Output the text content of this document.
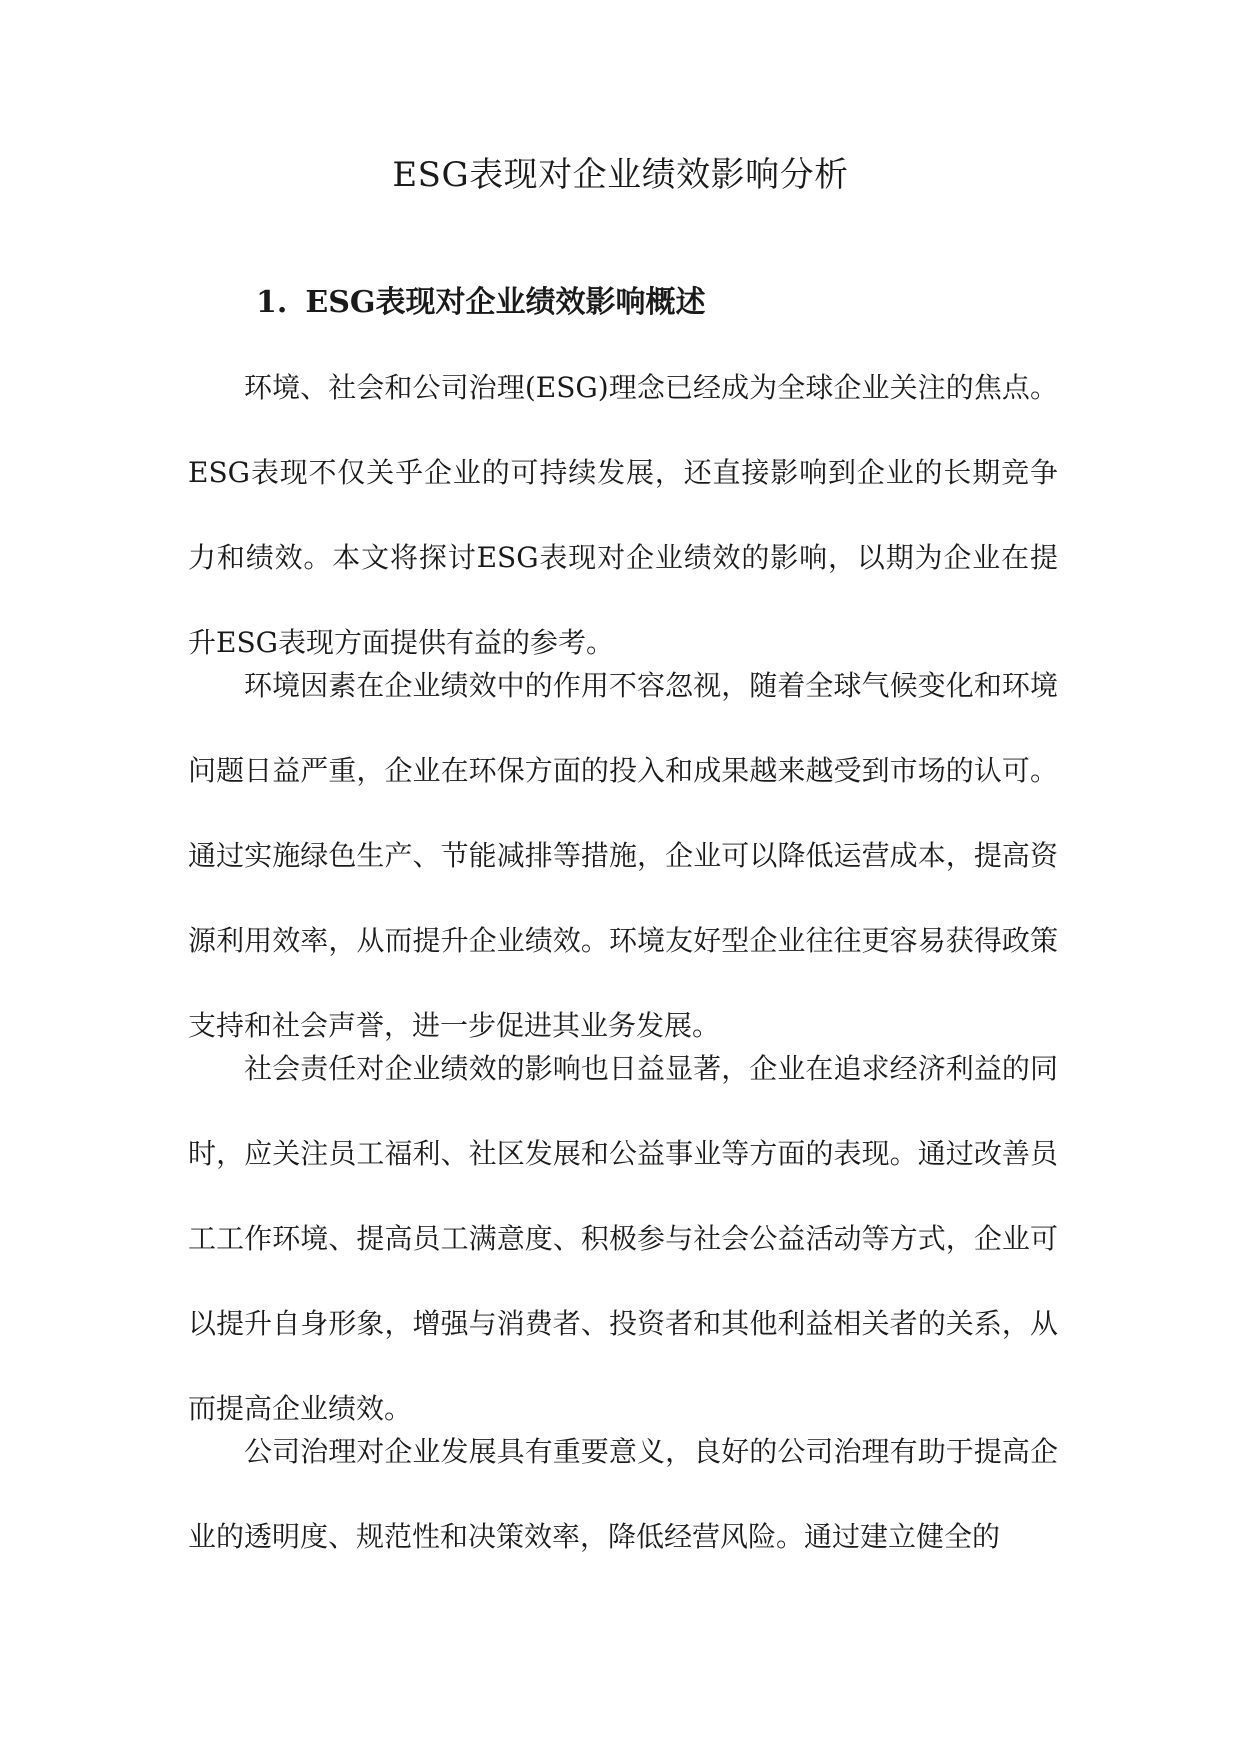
ESG表现对企业绩效影响分析
1. ESG表现对企业绩效影响概述

环境、社会和公司治理(ESG)理念已经成为全球企业关注的焦点。ESG表现不仅关乎企业的可持续发展，还直接影响到企业的长期竞争力和绩效。本文将探讨ESG表现对企业绩效的影响，以期为企业在提升ESG表现方面提供有益的参考。

环境因素在企业绩效中的作用不容忽视，随着全球气候变化和环境问题日益严重，企业在环保方面的投入和成果越来越受到市场的认可。通过实施绿色生产、节能减排等措施，企业可以降低运营成本，提高资源利用效率，从而提升企业绩效。环境友好型企业往往更容易获得政策支持和社会声誉，进一步促进其业务发展。

社会责任对企业绩效的影响也日益显著，企业在追求经济利益的同时，应关注员工福利、社区发展和公益事业等方面的表现。通过改善员工工作环境、提高员工满意度、积极参与社会公益活动等方式，企业可以提升自身形象，增强与消费者、投资者和其他利益相关者的关系，从而提高企业绩效。

公司治理对企业发展具有重要意义，良好的公司治理有助于提高企业的透明度、规范性和决策效率，降低经营风险。通过建立健全的
